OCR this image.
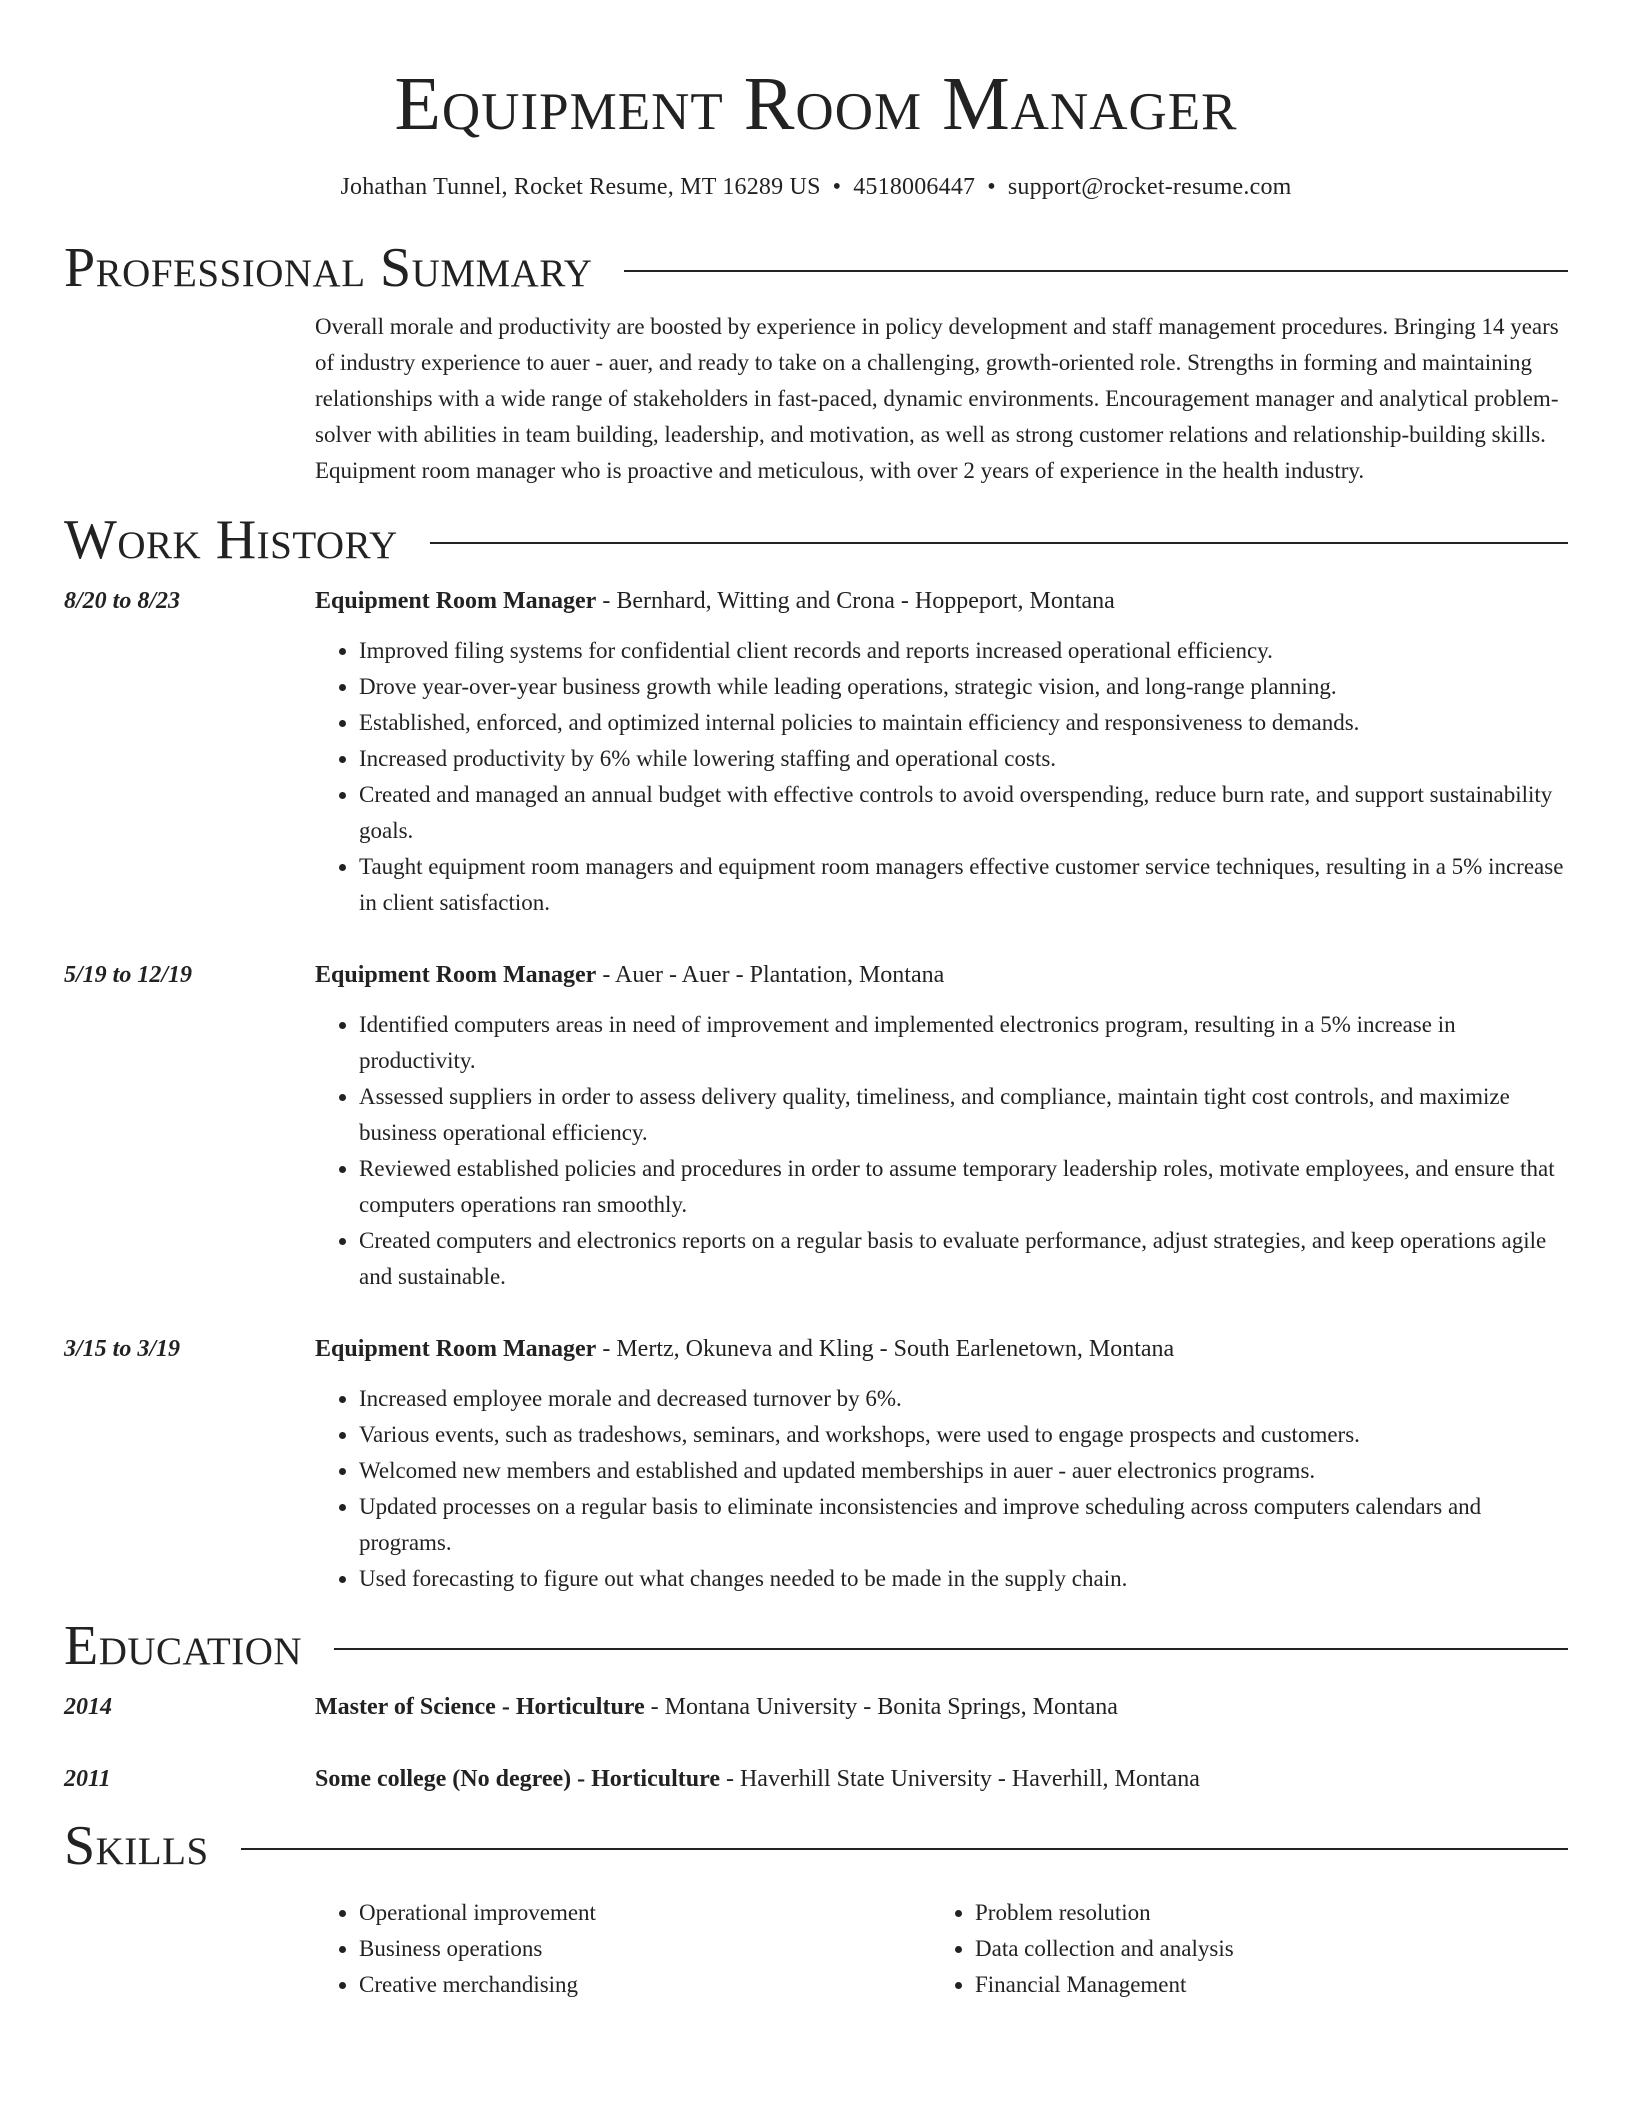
Equipment Room Manager
Johathan Tunnel, Rocket Resume, MT 16289 US • 4518006447 • support@rocket-resume.com
Professional Summary

Overall morale and productivity are boosted by experience in policy development and staff management procedures. Bringing 14 years of industry experience to auer - auer, and ready to take on a challenging, growth-oriented role. Strengths in forming and maintaining relationships with a wide range of stakeholders in fast-paced, dynamic environments. Encouragement manager and analytical problem-solver with abilities in team building, leadership, and motivation, as well as strong customer relations and relationship-building skills. Equipment room manager who is proactive and meticulous, with over 2 years of experience in the health industry.

Work History
8/20 to 8/23	Equipment Room Manager - Bernhard, Witting and Crona - Hoppeport, Montana
• Improved filing systems for confidential client records and reports increased operational efficiency.
• Drove year-over-year business growth while leading operations, strategic vision, and long-range planning.
• Established, enforced, and optimized internal policies to maintain efficiency and responsiveness to demands.
• Increased productivity by 6% while lowering staffing and operational costs.
• Created and managed an annual budget with effective controls to avoid overspending, reduce burn rate, and support sustainability goals.
• Taught equipment room managers and equipment room managers effective customer service techniques, resulting in a 5% increase in client satisfaction.
5/19 to 12/19	Equipment Room Manager - Auer - Auer - Plantation, Montana
• Identified computers areas in need of improvement and implemented electronics program, resulting in a 5% increase in productivity.
• Assessed suppliers in order to assess delivery quality, timeliness, and compliance, maintain tight cost controls, and maximize business operational efficiency.
• Reviewed established policies and procedures in order to assume temporary leadership roles, motivate employees, and ensure that computers operations ran smoothly.
• Created computers and electronics reports on a regular basis to evaluate performance, adjust strategies, and keep operations agile and sustainable.
3/15 to 3/19	Equipment Room Manager - Mertz, Okuneva and Kling - South Earlenetown, Montana
• Increased employee morale and decreased turnover by 6%.
• Various events, such as tradeshows, seminars, and workshops, were used to engage prospects and customers.
• Welcomed new members and established and updated memberships in auer - auer electronics programs.
• Updated processes on a regular basis to eliminate inconsistencies and improve scheduling across computers calendars and programs.
• Used forecasting to figure out what changes needed to be made in the supply chain.
Education
2014	Master of Science - Horticulture - Montana University - Bonita Springs, Montana
2011	Some college (No degree) - Horticulture - Haverhill State University - Haverhill, Montana
Skills
• Operational improvement
• Business operations
• Creative merchandising
• Problem resolution
• Data collection and analysis
• Financial Management
